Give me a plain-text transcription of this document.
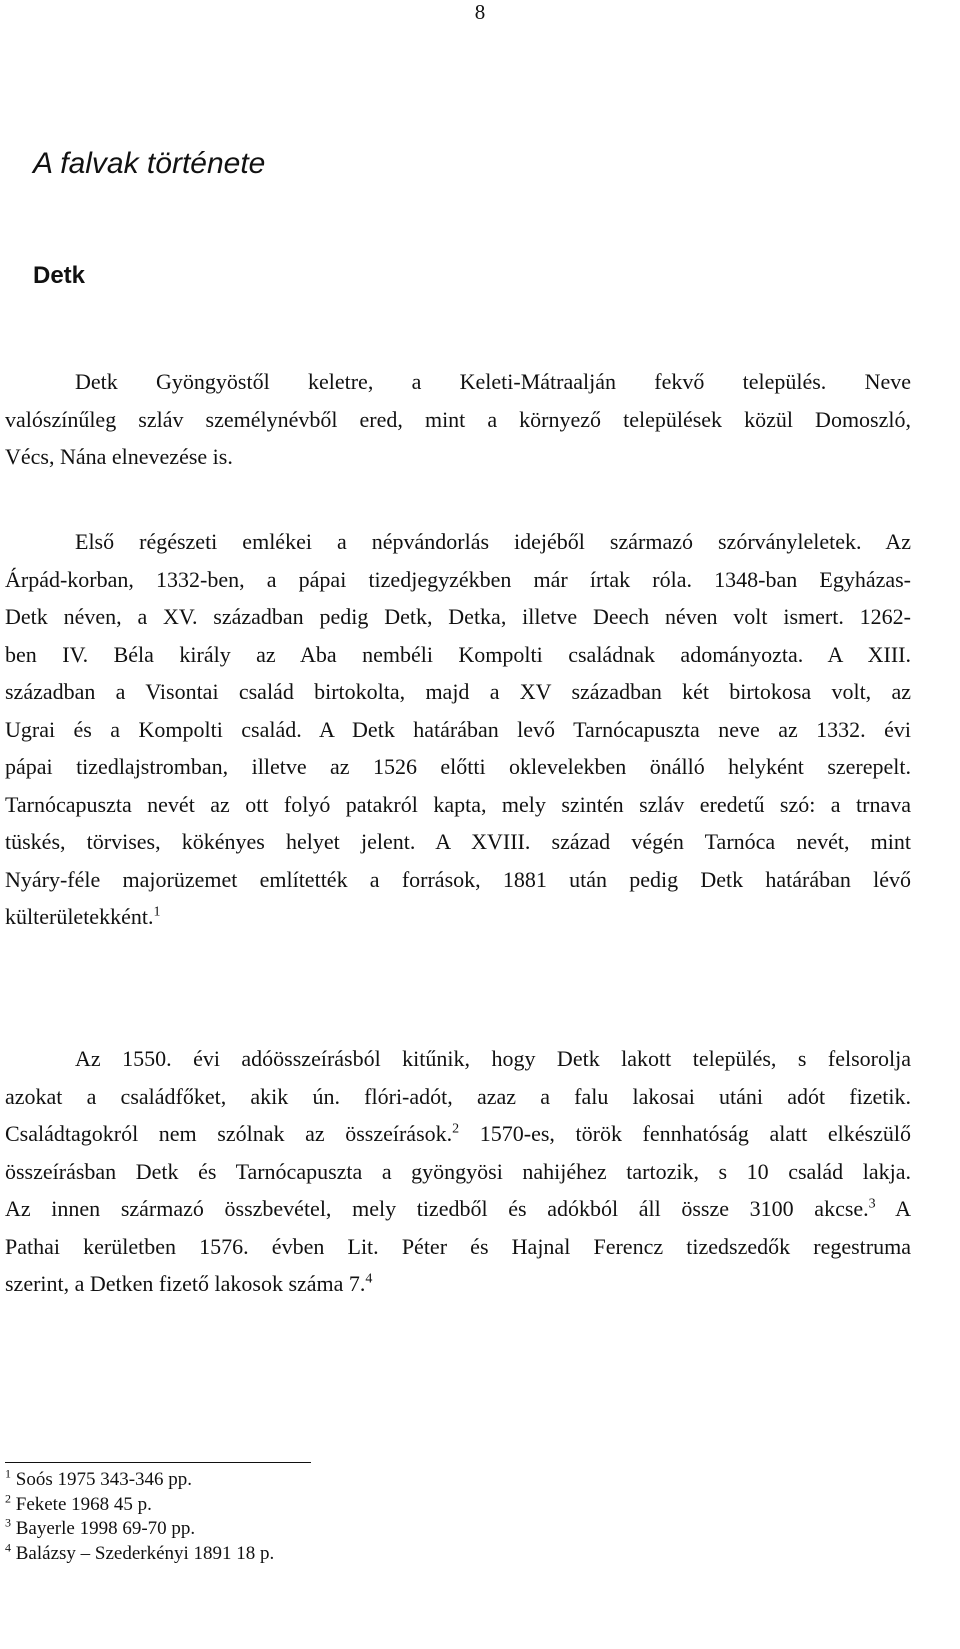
8
A falvak története
Detk

Detk Gyöngyöstől keletre, a Keleti-Mátraalján fekvő település. Neve
valószínűleg szláv személynévből ered, mint a környező települések közül Domoszló,
Vécs, Nána elnevezése is.

Első régészeti emlékei a népvándorlás idejéből származó szórványleletek. Az
Árpád-korban, 1332-ben, a pápai tizedjegyzékben már írtak róla. 1348-ban Egyházas-
Detk néven, a XV. században pedig Detk, Detka, illetve Deech néven volt ismert. 1262-
ben IV. Béla király az Aba nembéli Kompolti családnak adományozta. A XIII.
században a Visontai család birtokolta, majd a XV században két birtokosa volt, az
Ugrai és a Kompolti család. A Detk határában levő Tarnócapuszta neve az 1332. évi
pápai tizedlajstromban, illetve az 1526 előtti oklevelekben önálló helyként szerepelt.
Tarnócapuszta nevét az ott folyó patakról kapta, mely szintén szláv eredetű szó: a trnava
tüskés, törvises, kökényes helyet jelent. A XVIII. század végén Tarnóca nevét, mint
Nyáry-féle majorüzemet említették a források, 1881 után pedig Detk határában lévő
külterületekként.$^1$

Az 1550. évi adóösszeírásból kitűnik, hogy Detk lakott település, s felsorolja
azokat a családfőket, akik ún. flóri-adót, azaz a falu lakosai utáni adót fizetik.
Családtagokról nem szólnak az összeírások.$^2$ 1570-es, török fennhatóság alatt elkészülő
összeírásban Detk és Tarnócapuszta a gyöngyösi nahijéhez tartozik, s 10 család lakja.
Az innen származó összbevétel, mely tizedből és adókból áll össze 3100 akcse.$^3$ A
Pathai kerületben 1576. évben Lit. Péter és Hajnal Ferencz tizedszedők regestruma
szerint, a Detken fizető lakosok száma 7.$^4$

$^1$ Soós 1975 343-346 pp.
$^2$ Fekete 1968 45 p.
$^3$ Bayerle 1998 69-70 pp.
$^4$ Balázsy – Szederkényi 1891 18 p.
